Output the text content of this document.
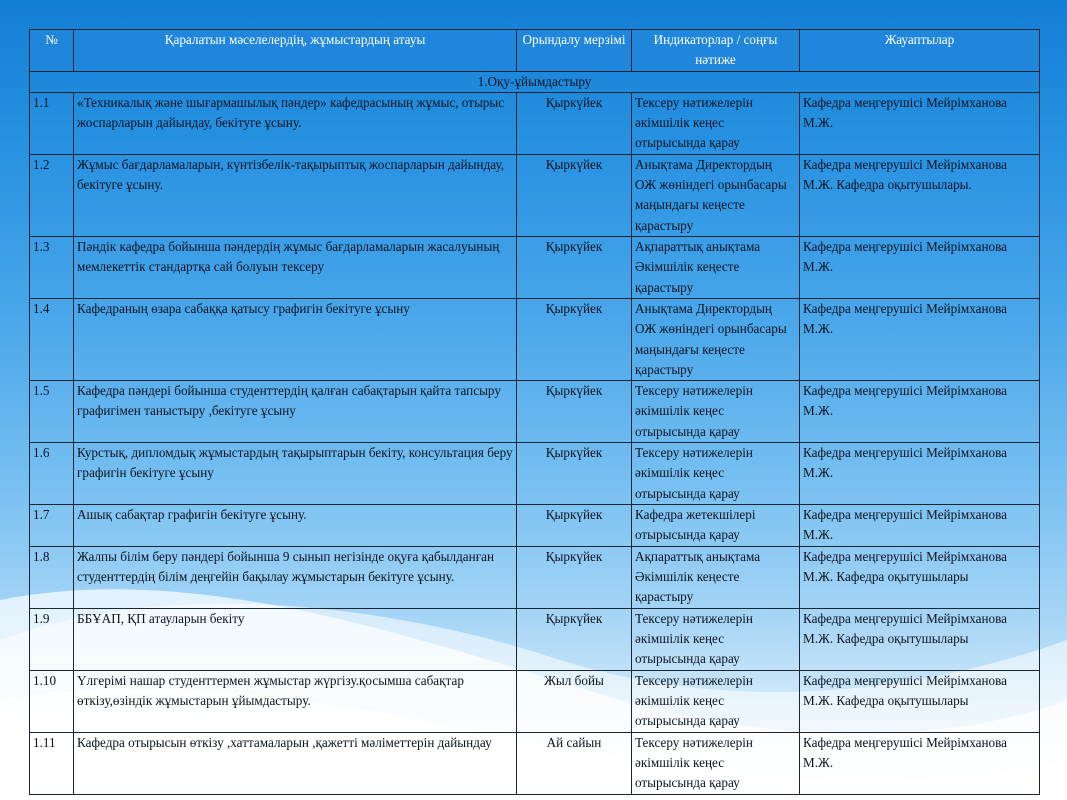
№	Қаралатын мәселелердің, жұмыстардың атауы	Орындалу мерзімі	Индикаторлар / соңғы нәтиже	Жауаптылар
1.Оқу-ұйымдастыру				
1.1	«Техникалық және шығармашылық пәндер» кафедрасының жұмыс, отырыс жоспарларын дайындау, бекітуге ұсыну.	Қыркүйек	Тексеру нәтижелерін әкімшілік кеңес отырысында қарау	Кафедра меңгерушісі Мейрімханова М.Ж.
1.2	Жұмыс бағдарламаларын, күнтізбелік-тақырыптық жоспарларын дайындау, бекітуге ұсыну.	Қыркүйек	Анықтама Директордың ОЖ жөніндегі орынбасары маңындағы кеңесте қарастыру	Кафедра меңгерушісі Мейрімханова М.Ж. Кафедра оқытушылары.
1.3	Пәндік кафедра бойынша пәндердің жұмыс бағдарламаларын жасалуының мемлекеттік стандартқа сай болуын тексеру	Қыркүйек	Ақпараттық анықтама Әкімшілік кеңесте қарастыру	Кафедра меңгерушісі Мейрімханова М.Ж.
1.4	Кафедраның өзара сабаққа қатысу графигін бекітуге ұсыну	Қыркүйек	Анықтама Директордың ОЖ жөніндегі орынбасары маңындағы кеңесте қарастыру	Кафедра меңгерушісі Мейрімханова М.Ж.
1.5	Кафедра пәндері бойынша студенттердің қалған сабақтарын қайта тапсыру графигімен таныстыру ,бекітуге ұсыну	Қыркүйек	Тексеру нәтижелерін әкімшілік кеңес отырысында қарау	Кафедра меңгерушісі Мейрімханова М.Ж.
1.6	Курстық, дипломдық жұмыстардың тақырыптарын бекіту, консультация беру графигін бекітуге ұсыну	Қыркүйек	Тексеру нәтижелерін әкімшілік кеңес отырысында қарау	Кафедра меңгерушісі Мейрімханова М.Ж.
1.7	Ашық сабақтар графигін бекітуге ұсыну.	Қыркүйек	Кафедра жетекшілері отырысында қарау	Кафедра меңгерушісі Мейрімханова М.Ж.
1.8	Жалпы білім беру пәндері бойынша 9 сынып негізінде оқуға қабылданған студенттердің білім деңгейін бақылау жұмыстарын бекітуге ұсыну.	Қыркүйек	Ақпараттық анықтама Әкімшілік кеңесте қарастыру	Кафедра меңгерушісі Мейрімханова М.Ж. Кафедра оқытушылары
1.9	ББҰАП, ҚП атауларын бекіту	Қыркүйек	Тексеру нәтижелерін әкімшілік кеңес отырысында қарау	Кафедра меңгерушісі Мейрімханова М.Ж. Кафедра оқытушылары
1.10	Үлгерімі нашар студенттермен жұмыстар жүргізу.қосымша сабақтар өткізу,өзіндік жұмыстарын ұйымдастыру.	Жыл бойы	Тексеру нәтижелерін әкімшілік кеңес отырысында қарау	Кафедра меңгерушісі Мейрімханова М.Ж. Кафедра оқытушылары
1.11	Кафедра отырысын өткізу ,хаттамаларын ,қажетті мәліметтерін дайындау	Ай сайын	Тексеру нәтижелерін әкімшілік кеңес отырысында қарау	Кафедра меңгерушісі Мейрімханова М.Ж.
